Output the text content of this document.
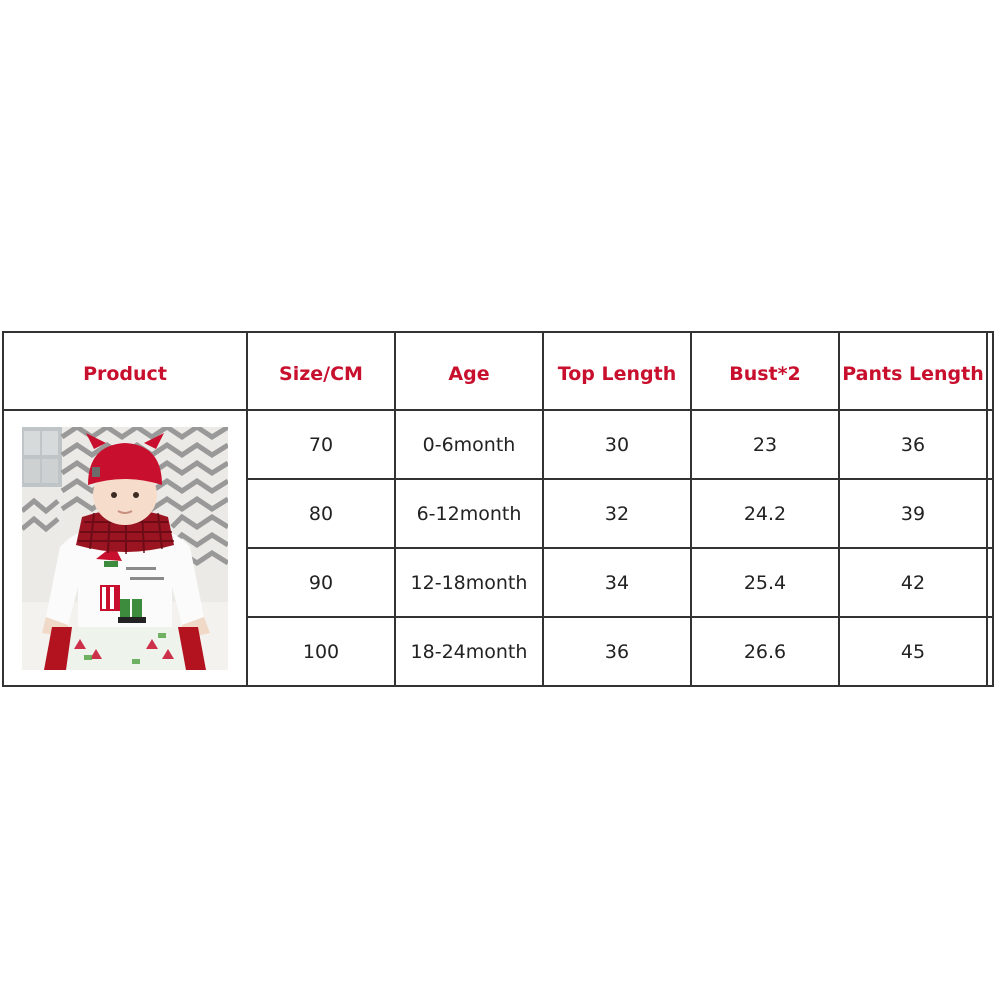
Product	Size/CM	Age	Top Length	Bust*2	Pants Length	

	70	0-6month	30	23	36	
	80	6-12month	32	24.2	39	
	90	12-18month	34	25.4	42	
	100	18-24month	36	26.6	45	
